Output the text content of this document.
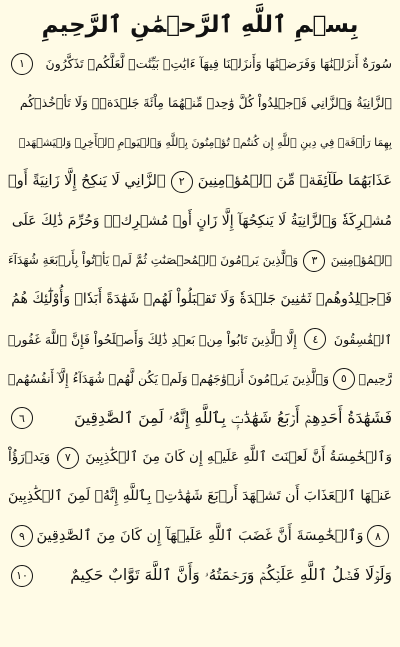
بِسۡمِ ٱللَّهِ ٱلرَّحۡمَٰنِ ٱلرَّحِيمِ
سُورَةٌ أَنزَلۡنَٰهَا وَفَرَضۡنَٰهَا وَأَنزَلۡنَا فِيهَآ ءَايَٰتِۭ بَيِّنَٰتٖ لَّعَلَّكُمۡ تَذَكَّرُونَ
١
ٱلزَّانِيَةُ وَٱلزَّانِي فَٱجۡلِدُواْ كُلَّ وَٰحِدٖ مِّنۡهُمَا مِاْئَةَ جَلۡدَةٖۖ وَلَا تَأۡخُذۡكُم
بِهِمَا رَأۡفَةٞ فِي دِينِ ٱللَّهِ إِن كُنتُمۡ تُؤۡمِنُونَ بِٱللَّهِ وَٱلۡيَوۡمِ ٱلۡأٓخِرِۖ وَلۡيَشۡهَدۡ
عَذَابَهُمَا طَآئِفَةٞ مِّنَ ٱلۡمُؤۡمِنِينَ
٢
ٱلزَّانِي لَا يَنكِحُ إِلَّا زَانِيَةً أَوۡ
مُشۡرِكَةٗ وَٱلزَّانِيَةُ لَا يَنكِحُهَآ إِلَّا زَانٍ أَوۡ مُشۡرِكٞۚ وَحُرِّمَ ذَٰلِكَ عَلَى
ٱلۡمُؤۡمِنِينَ
٣
وَٱلَّذِينَ يَرۡمُونَ ٱلۡمُحۡصَنَٰتِ ثُمَّ لَمۡ يَأۡتُواْ بِأَرۡبَعَةِ شُهَدَآءَ
فَٱجۡلِدُوهُمۡ ثَمَٰنِينَ جَلۡدَةٗ وَلَا تَقۡبَلُواْ لَهُمۡ شَهَٰدَةً أَبَدٗاۚ وَأُوْلَٰٓئِكَ هُمُ
ٱلۡفَٰسِقُونَ
٤
إِلَّا ٱلَّذِينَ تَابُواْ مِنۢ بَعۡدِ ذَٰلِكَ وَأَصۡلَحُواْ فَإِنَّ ٱللَّهَ غَفُورٞ
رَّحِيمٞ
٥
وَٱلَّذِينَ يَرۡمُونَ أَزۡوَٰجَهُمۡ وَلَمۡ يَكُن لَّهُمۡ شُهَدَآءُ إِلَّآ أَنفُسُهُمۡ
فَشَهَٰدَةُ أَحَدِهِمۡ أَرۡبَعُ شَهَٰدَٰتِۭ بِٱللَّهِ إِنَّهُۥ لَمِنَ ٱلصَّٰدِقِينَ
٦
وَٱلۡخَٰمِسَةُ أَنَّ لَعۡنَتَ ٱللَّهِ عَلَيۡهِ إِن كَانَ مِنَ ٱلۡكَٰذِبِينَ
٧
وَيَدۡرَؤُاْ
عَنۡهَا ٱلۡعَذَابَ أَن تَشۡهَدَ أَرۡبَعَ شَهَٰدَٰتِۭ بِٱللَّهِ إِنَّهُۥ لَمِنَ ٱلۡكَٰذِبِينَ
٨
وَٱلۡخَٰمِسَةَ أَنَّ غَضَبَ ٱللَّهِ عَلَيۡهَآ إِن كَانَ مِنَ ٱلصَّٰدِقِينَ
٩
وَلَوۡلَا فَضۡلُ ٱللَّهِ عَلَيۡكُمۡ وَرَحۡمَتُهُۥ وَأَنَّ ٱللَّهَ تَوَّابٌ حَكِيمٌ
١٠
